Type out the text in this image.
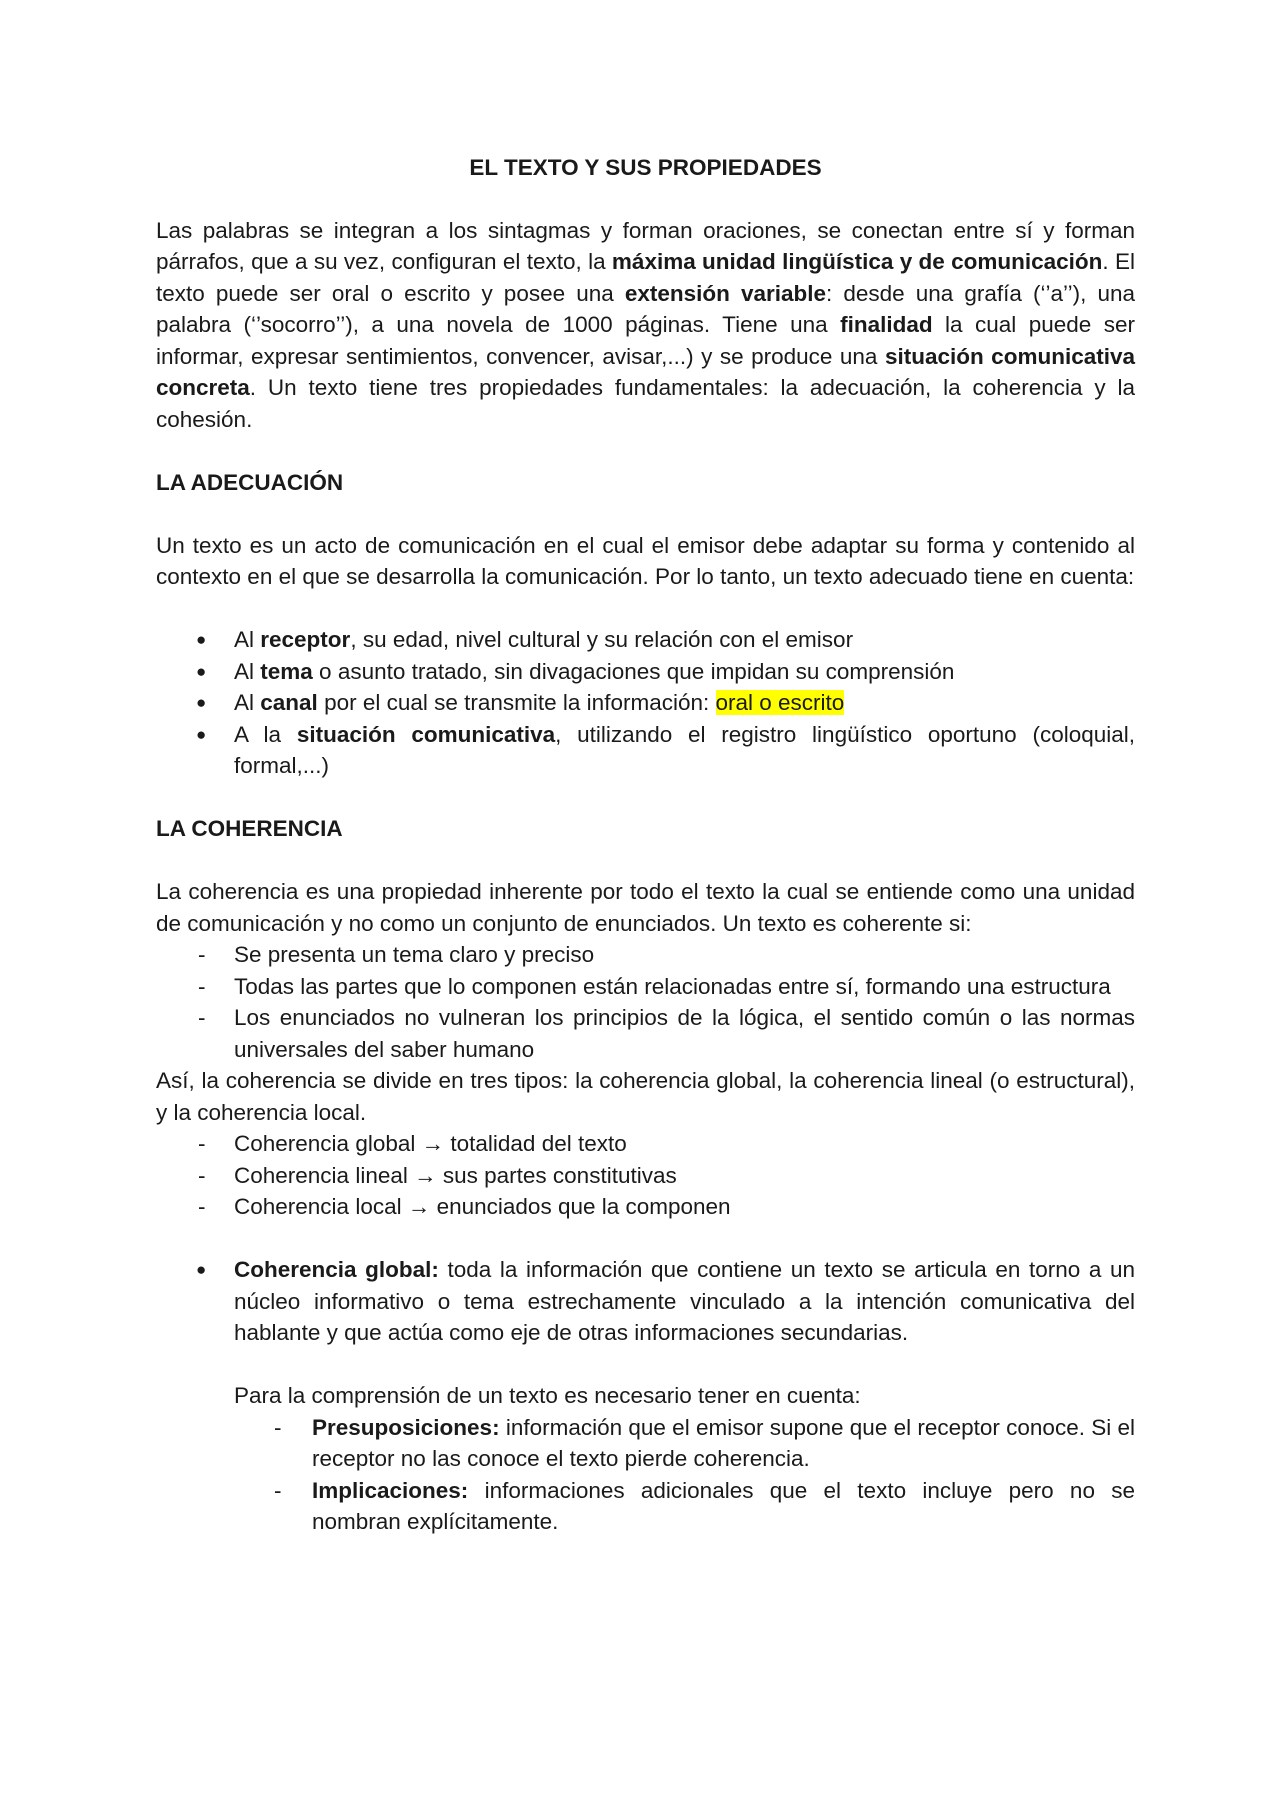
EL TEXTO Y SUS PROPIEDADES

Las palabras se integran a los sintagmas y forman oraciones, se conectan entre sí y forman párrafos, que a su vez, configuran el texto, la máxima unidad lingüística y de comunicación. El texto puede ser oral o escrito y posee una extensión variable: desde una grafía (‘’a’’), una palabra (‘’socorro’’), a una novela de 1000 páginas. Tiene una finalidad la cual puede ser informar, expresar sentimientos, convencer, avisar,...) y se produce una situación comunicativa concreta. Un texto tiene tres propiedades fundamentales: la adecuación, la coherencia y la cohesión.

LA ADECUACIÓN

Un texto es un acto de comunicación en el cual el emisor debe adaptar su forma y contenido al contexto en el que se desarrolla la comunicación. Por lo tanto, un texto adecuado tiene en cuenta:

● Al receptor, su edad, nivel cultural y su relación con el emisor
● Al tema o asunto tratado, sin divagaciones que impidan su comprensión
● Al canal por el cual se transmite la información: oral o escrito
● A la situación comunicativa, utilizando el registro lingüístico oportuno (coloquial, formal,...)
LA COHERENCIA

La coherencia es una propiedad inherente por todo el texto la cual se entiende como una unidad de comunicación y no como un conjunto de enunciados. Un texto es coherente si:

- Se presenta un tema claro y preciso
- Todas las partes que lo componen están relacionadas entre sí, formando una estructura
- Los enunciados no vulneran los principios de la lógica, el sentido común o las normas universales del saber humano

Así, la coherencia se divide en tres tipos: la coherencia global, la coherencia lineal (o estructural), y la coherencia local.

- Coherencia global → totalidad del texto
- Coherencia lineal → sus partes constitutivas
- Coherencia local → enunciados que la componen
● Coherencia global: toda la información que contiene un texto se articula en torno a un núcleo informativo o tema estrechamente vinculado a la intención comunicativa del hablante y que actúa como eje de otras informaciones secundarias.

Para la comprensión de un texto es necesario tener en cuenta:

- Presuposiciones: información que el emisor supone que el receptor conoce. Si el receptor no las conoce el texto pierde coherencia.
- Implicaciones: informaciones adicionales que el texto incluye pero no se nombran explícitamente.
